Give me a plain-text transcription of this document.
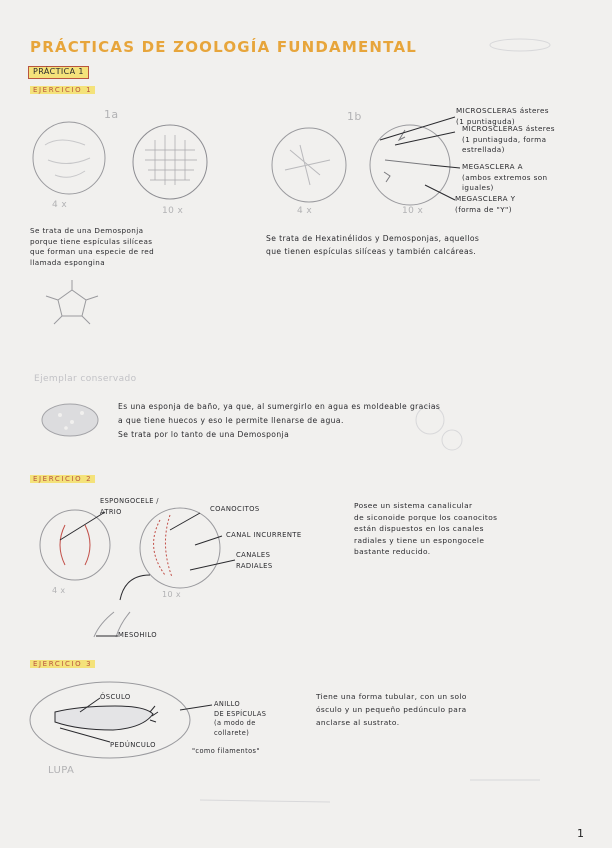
PRÁCTICAS DE ZOOLOGÍA FUNDAMENTAL
PRÁCTICA 1
EJERCICIO 1
1a	1b
4 x
10 x	4 x	10 x
MICROSCLERAS ásteres
(1 puntiaguda)
MICROSCLERAS ásteres
(1 puntiaguda, forma
estrellada)
MEGASCLERA A
(ambos extremos son
iguales)
MEGASCLERA Y
(forma de "Y")
Se trata de una Demosponja
porque tiene espículas silíceas
que forman una especie de red
llamada espongina
Se trata de Hexatinélidos y Demosponjas, aquellos
que tienen espículas silíceas y también calcáreas.
Ejemplar conservado
Es una esponja de baño, ya que, al sumergirlo en agua es moldeable gracias
a que tiene huecos y eso le permite llenarse de agua.
Se trata por lo tanto de una Demosponja
EJERCICIO 2
ESPONGOCELE /
ATRIO	COANOCITOS
CANAL INCURRENTE
CANALES
RADIALES
MESOHILO
4 x	10 x
Posee un sistema canalicular
de siconoide porque los coanocitos
están dispuestos en los canales
radiales y tiene un espongocele
bastante reducido.
EJERCICIO 3
ÓSCULO
PEDÚNCULO
ANILLO
DE ESPÍCULAS
(a modo de
collarete)
"como filamentos"
LUPA
Tiene una forma tubular, con un solo
ósculo y un pequeño pedúnculo para
anclarse al sustrato.
1
